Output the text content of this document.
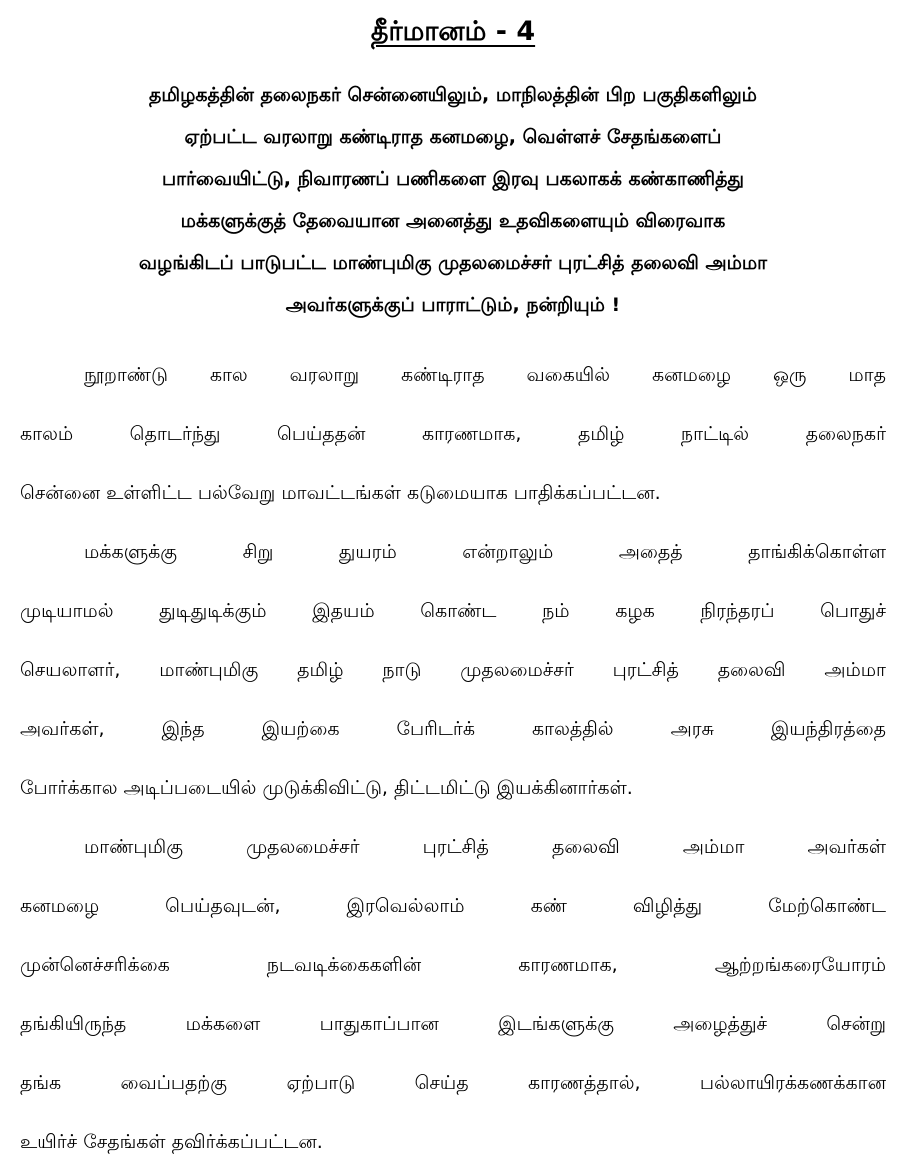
தீர்மானம் - 4
தமிழகத்தின் தலைநகர் சென்னையிலும், மாநிலத்தின் பிற பகுதிகளிலும்
ஏற்பட்ட வரலாறு கண்டிராத கனமழை, வெள்ளச் சேதங்களைப்
பார்வையிட்டு, நிவாரணப் பணிகளை இரவு பகலாகக் கண்காணித்து
மக்களுக்குத் தேவையான அனைத்து உதவிகளையும் விரைவாக
வழங்கிடப் பாடுபட்ட மாண்புமிகு முதலமைச்சர் புரட்சித் தலைவி அம்மா
அவர்களுக்குப் பாராட்டும், நன்றியும் !
நூறாண்டு கால வரலாறு கண்டிராத வகையில் கனமழை ஒரு மாத
காலம் தொடர்ந்து பெய்ததன் காரணமாக, தமிழ் நாட்டில் தலைநகர்
சென்னை உள்ளிட்ட பல்வேறு மாவட்டங்கள் கடுமையாக பாதிக்கப்பட்டன.
மக்களுக்கு சிறு துயரம் என்றாலும் அதைத் தாங்கிக்கொள்ள
முடியாமல் துடிதுடிக்கும் இதயம் கொண்ட நம் கழக நிரந்தரப் பொதுச்
செயலாளர், மாண்புமிகு தமிழ் நாடு முதலமைச்சர் புரட்சித் தலைவி அம்மா
அவர்கள், இந்த இயற்கை பேரிடர்க் காலத்தில் அரசு இயந்திரத்தை
போர்க்கால அடிப்படையில் முடுக்கிவிட்டு, திட்டமிட்டு இயக்கினார்கள்.
மாண்புமிகு முதலமைச்சர் புரட்சித் தலைவி அம்மா அவர்கள்
கனமழை பெய்தவுடன், இரவெல்லாம் கண் விழித்து மேற்கொண்ட
முன்னெச்சரிக்கை நடவடிக்கைகளின் காரணமாக, ஆற்றங்கரையோரம்
தங்கியிருந்த மக்களை பாதுகாப்பான இடங்களுக்கு அழைத்துச் சென்று
தங்க வைப்பதற்கு ஏற்பாடு செய்த காரணத்தால், பல்லாயிரக்கணக்கான
உயிர்ச் சேதங்கள் தவிர்க்கப்பட்டன.
